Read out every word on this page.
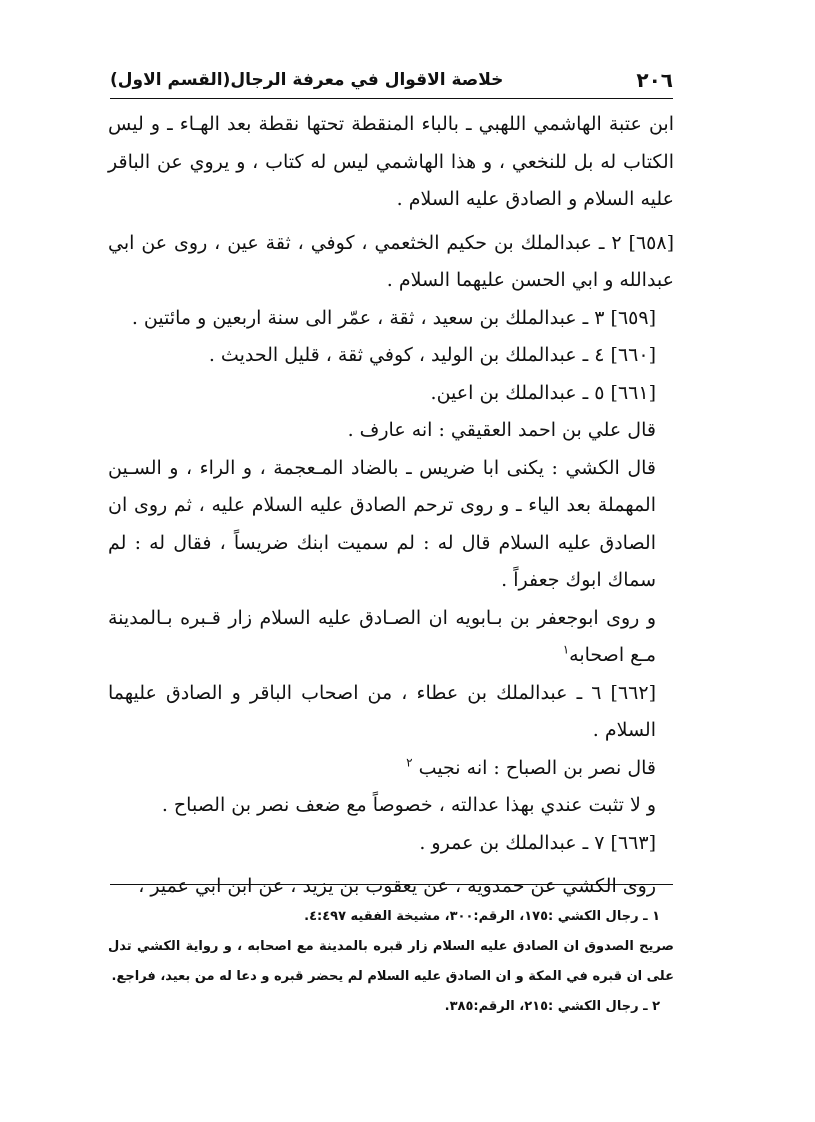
٢٠٦
خلاصة الاقوال في معرفة الرجال(القسم الاول)

ابن عتبة الهاشمي اللهبي ـ بالباء المنقطة تحتها نقطة بعد الهـاء ـ و ليس الكتاب له بل للنخعي ، و هذا الهاشمي ليس له كتاب ، و يروي عن الباقر عليه السلام و الصادق عليه السلام .

[٦٥٨] ٢ ـ عبدالملك بن حكيم الخثعمي ، كوفي ، ثقة عين ، روى عن ابي عبدالله و ابي الحسن عليهما السلام .

[٦٥٩] ٣ ـ عبدالملك بن سعيد ، ثقة ، عمّر الى سنة اربعين و مائتين .

[٦٦٠] ٤ ـ عبدالملك بن الوليد ، كوفي ثقة ، قليل الحديث .

[٦٦١] ٥ ـ عبدالملك بن اعين.

قال علي بن احمد العقيقي : انه عارف .

قال الكشي : يكنى ابا ضريس ـ بالضاد المـعجمة ، و الراء ، و السـين المهملة بعد الياء ـ و روى ترحم الصادق عليه السلام عليه ، ثم روى ان الصادق عليه السلام قال له : لم سميت ابنك ضريساً ، فقال له : لم سماك ابوك جعفراً .

و روى ابوجعفر بن بـابويه ان الصـادق عليه السلام زار قـبره بـالمدينة مـع اصحابه$^١$

[٦٦٢] ٦ ـ عبدالملك بن عطاء ، من اصحاب الباقر و الصادق عليهما السلام .

قال نصر بن الصباح : انه نجيب $^٢$

و لا تثبت عندي بهذا عدالته ، خصوصاً مع ضعف نصر بن الصباح .

[٦٦٣] ٧ ـ عبدالملك بن عمرو .

روى الكشي عن حمدويه ، عن يعقوب بن يزيد ، عن ابن ابي عمير ،

١ ـ رجال الكشي :١٧٥، الرقم:٣٠٠، مشيخة الفقيه ٤:٤٩٧.

صريح الصدوق ان الصادق عليه السلام زار قبره بالمدينة مع اصحابه ، و رواية الكشي تدل على ان قبره في المكة و ان الصادق عليه السلام لم يحضر قبره و دعا له من بعيد، فراجع.

٢ ـ رجال الكشي :٢١٥، الرقم:٣٨٥.
